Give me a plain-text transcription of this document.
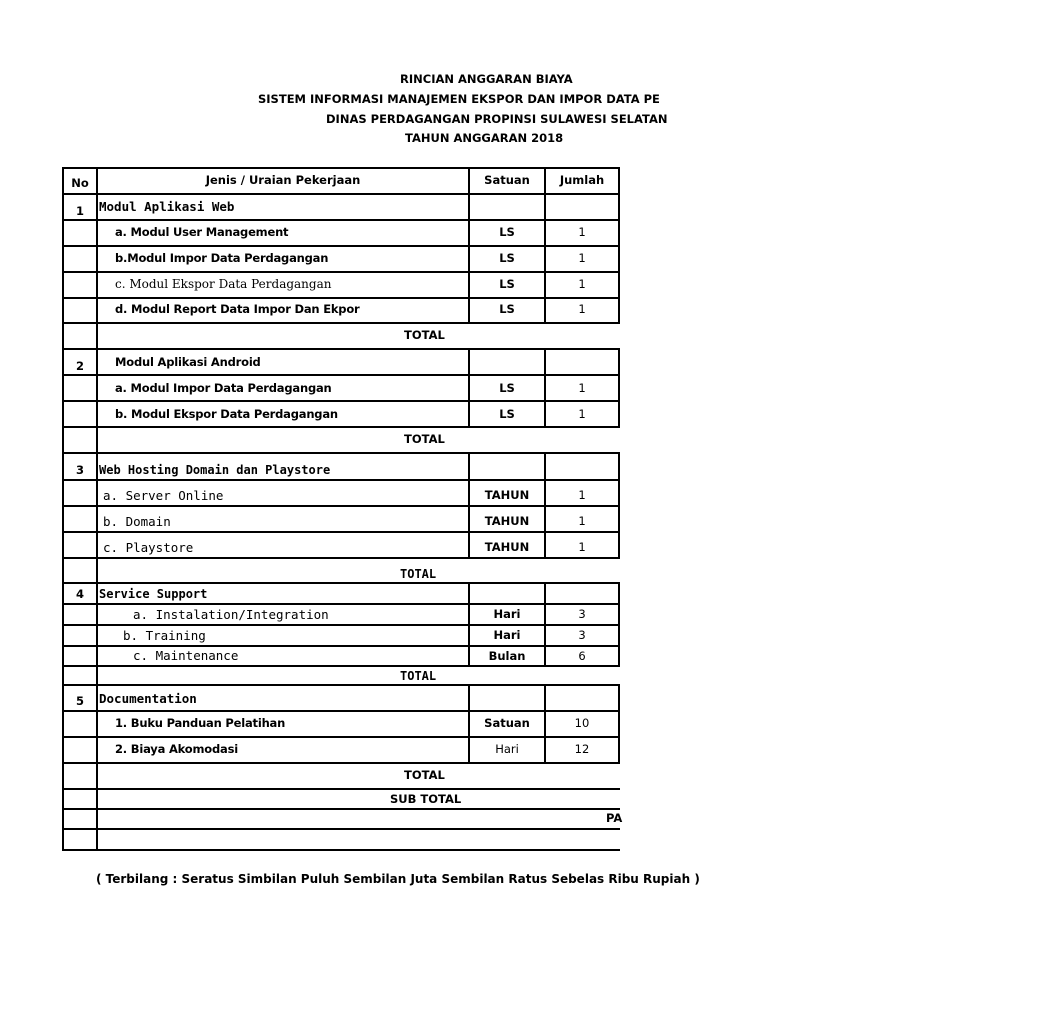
RINCIAN ANGGARAN BIAYA
SISTEM INFORMASI MANAJEMEN EKSPOR DAN IMPOR DATA PE
DINAS PERDAGANGAN PROPINSI SULAWESI SELATAN
TAHUN ANGGARAN 2018
No	Jenis / Uraian Pekerjaan	Satuan	Jumlah
1 Modul Aplikasi Web
a. Modul User Management	LS	1
b.Modul Impor Data Perdagangan	LS	1
c. Modul Ekspor Data Perdagangan	LS	1
d. Modul Report Data Impor Dan Ekpor	LS	1
TOTAL
2	Modul Aplikasi Android
a. Modul Impor Data Perdagangan	LS	1
b. Modul Ekspor Data Perdagangan	LS	1
TOTAL
3 Web Hosting Domain dan Playstore
a. Server Online	TAHUN	1
b. Domain	TAHUN	1
c. Playstore	TAHUN	1
TOTAL
4 Service Support
a. Instalation/Integration	Hari	3
b. Training	Hari	3
c. Maintenance	Bulan	6
TOTAL
5 Documentation
1. Buku Panduan Pelatihan	Satuan	10
2. Biaya Akomodasi	Hari	12
TOTAL
SUB TOTAL
PA
( Terbilang : Seratus Simbilan Puluh Sembilan Juta Sembilan Ratus Sebelas Ribu Rupiah )
